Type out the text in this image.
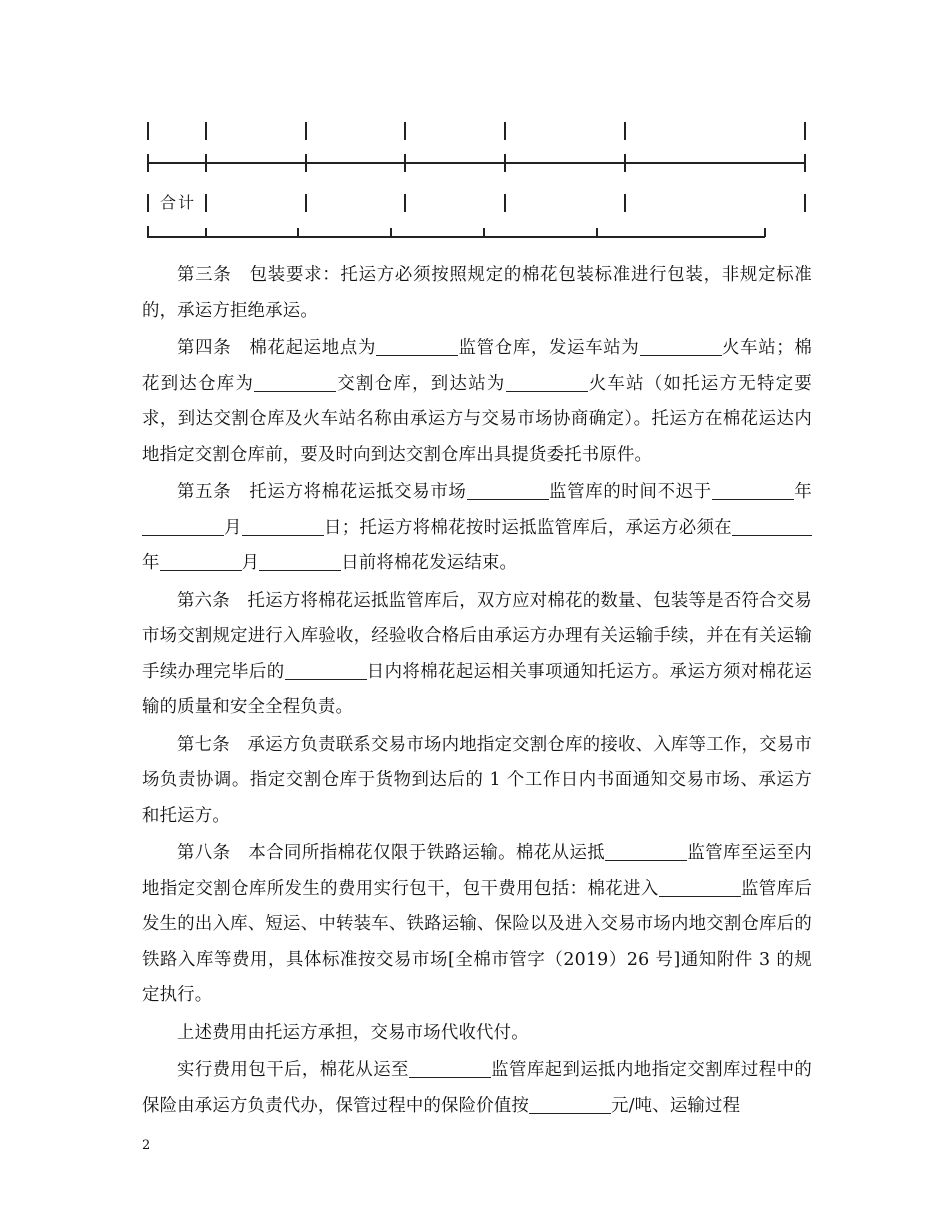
合计

第三条　包装要求：托运方必须按照规定的棉花包装标准进行包装，非规定标准的，承运方拒绝承运。

第四条　棉花起运地点为	监管仓库，发运车站为	火车站；棉花到达仓库为	交割仓库，到达站为	火车站（如托运方无特定要求，到达交割仓库及火车站名称由承运方与交易市场协商确定）。托运方在棉花运达内地指定交割仓库前，要及时向到达交割仓库出具提货委托书原件。

第五条　托运方将棉花运抵交易市场	监管库的时间不迟于	年月	日；托运方将棉花按时运抵监管库后，承运方必须在年	月	日前将棉花发运结束。

第六条　托运方将棉花运抵监管库后，双方应对棉花的数量、包装等是否符合交易市场交割规定进行入库验收，经验收合格后由承运方办理有关运输手续，并在有关运输手续办理完毕后的	日内将棉花起运相关事项通知托运方。承运方须对棉花运输的质量和安全全程负责。

第七条　承运方负责联系交易市场内地指定交割仓库的接收、入库等工作，交易市场负责协调。指定交割仓库于货物到达后的 1 个工作日内书面通知交易市场、承运方和托运方。

第八条　本合同所指棉花仅限于铁路运输。棉花从运抵	监管库至运至内地指定交割仓库所发生的费用实行包干，包干费用包括：棉花进入	监管库后发生的出入库、短运、中转装车、铁路运输、保险以及进入交易市场内地交割仓库后的铁路入库等费用，具体标准按交易市场[全棉市管字（2019）26 号]通知附件 3 的规定执行。

上述费用由托运方承担，交易市场代收代付。

实行费用包干后，棉花从运至	监管库起到运抵内地指定交割库过程中的保险由承运方负责代办，保管过程中的保险价值按	元/吨、运输过程

2
